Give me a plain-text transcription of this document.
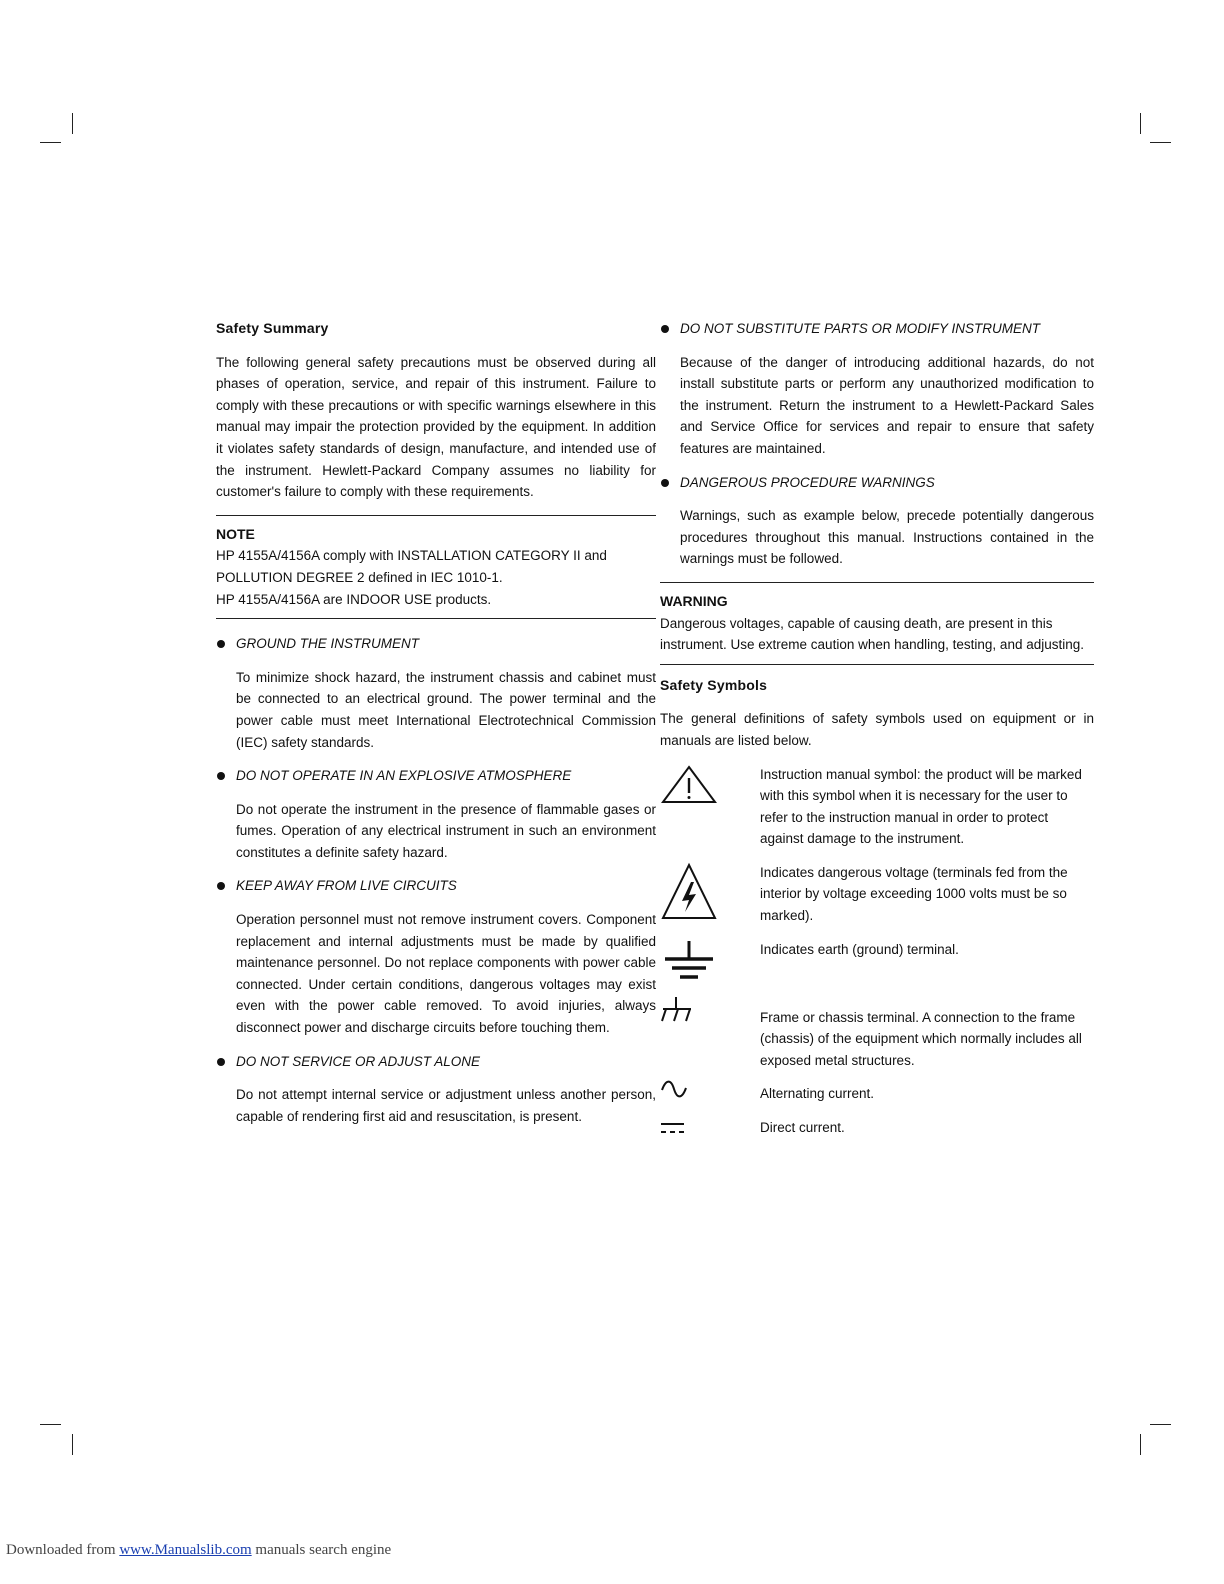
Safety Summary

The following general safety precautions must be observed during all phases of operation, service, and repair of this instrument. Failure to comply with these precautions or with specific warnings elsewhere in this manual may impair the protection provided by the equipment. In addition it violates safety standards of design, manufacture, and intended use of the instrument. Hewlett-Packard Company assumes no liability for customer's failure to comply with these requirements.

NOTE

HP 4155A/4156A comply with INSTALLATION CATEGORY II and

POLLUTION DEGREE 2 defined in IEC 1010-1.

HP 4155A/4156A are INDOOR USE products.

GROUND THE INSTRUMENT

To minimize shock hazard, the instrument chassis and cabinet must be connected to an electrical ground. The power terminal and the power cable must meet International Electrotechnical Commission (IEC) safety standards.

DO NOT OPERATE IN AN EXPLOSIVE ATMOSPHERE

Do not operate the instrument in the presence of flammable gases or fumes. Operation of any electrical instrument in such an environment constitutes a definite safety hazard.

KEEP AWAY FROM LIVE CIRCUITS

Operation personnel must not remove instrument covers. Component replacement and internal adjustments must be made by qualified maintenance personnel. Do not replace components with power cable connected. Under certain conditions, dangerous voltages may exist even with the power cable removed. To avoid injuries, always disconnect power and discharge circuits before touching them.

DO NOT SERVICE OR ADJUST ALONE

Do not attempt internal service or adjustment unless another person, capable of rendering first aid and resuscitation, is present.

DO NOT SUBSTITUTE PARTS OR MODIFY INSTRUMENT

Because of the danger of introducing additional hazards, do not install substitute parts or perform any unauthorized modification to the instrument. Return the instrument to a Hewlett-Packard Sales and Service Office for services and repair to ensure that safety features are maintained.

DANGEROUS PROCEDURE WARNINGS

Warnings, such as example below, precede potentially dangerous procedures throughout this manual. Instructions contained in the warnings must be followed.

WARNING

Dangerous voltages, capable of causing death, are present in this instrument. Use extreme caution when handling, testing, and adjusting.

Safety Symbols

The general definitions of safety symbols used on equipment or in manuals are listed below.

Instruction manual symbol: the product will be marked with this symbol when it is necessary for the user to refer to the instruction manual in order to protect against damage to the instrument.
Indicates dangerous voltage (terminals fed from the interior by voltage exceeding 1000 volts must be so marked).
Indicates earth (ground) terminal.
Frame or chassis terminal. A connection to the frame (chassis) of the equipment which normally includes all exposed metal structures.
Alternating current.
Direct current.
Downloaded from www.Manualslib.com manuals search engine
